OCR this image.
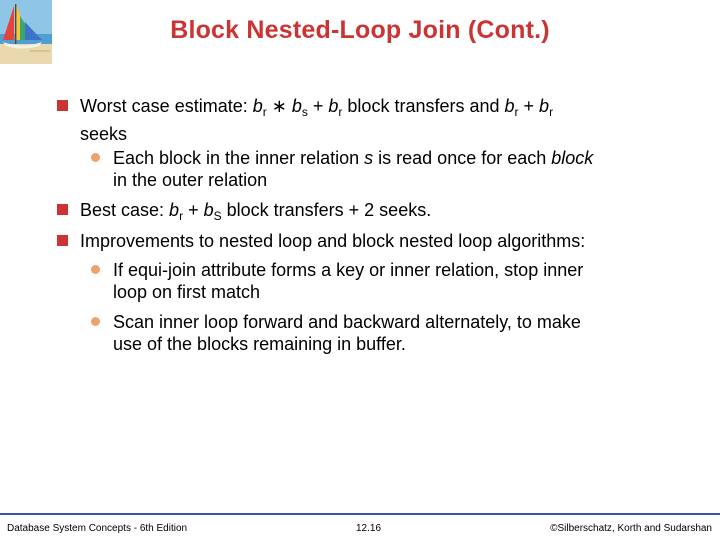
Block Nested-Loop Join (Cont.)
Worst case estimate: $b_r$ ∗ $b_s + b_r$ block transfers and $b_r + b_r$
seeks
Each block in the inner relation s is read once for each block
in the outer relation
Best case: $b_r + b_S$ block transfers + 2 seeks.
Improvements to nested loop and block nested loop algorithms:
If equi-join attribute forms a key or inner relation, stop inner
loop on first match
Scan inner loop forward and backward alternately, to make
use of the blocks remaining in buffer.
Database System Concepts - 6th Edition	12.16	©Silberschatz, Korth and Sudarshan
